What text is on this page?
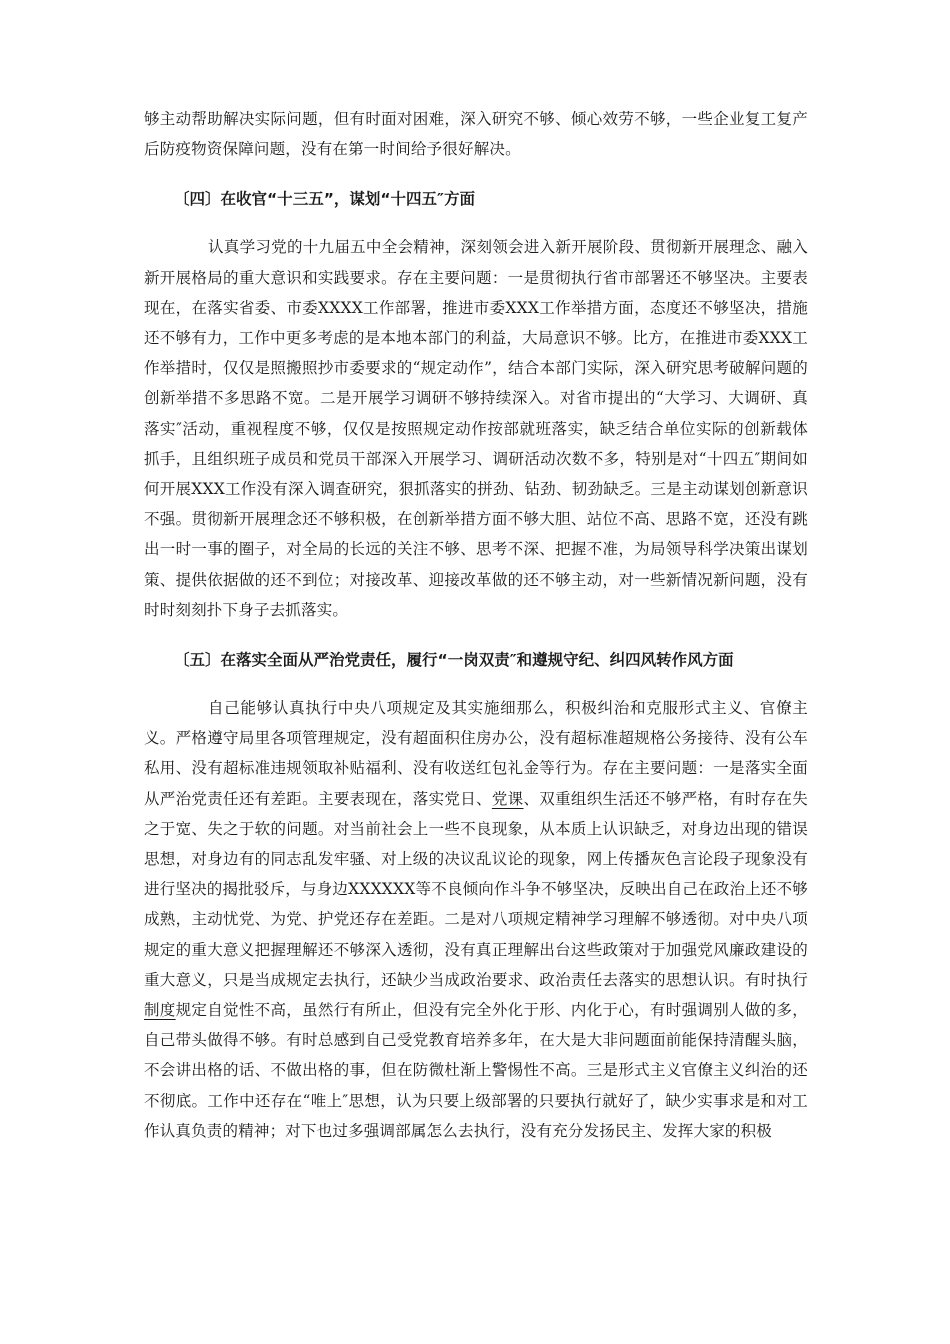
够主动帮助解决实际问题，但有时面对困难，深入研究不够、倾心效劳不够，一些企业复工复产后防疫物资保障问题，没有在第一时间给予很好解决。

〔四〕在收官“十三五”，谋划“十四五″方面

认真学习党的十九届五中全会精神，深刻领会进入新开展阶段、贯彻新开展理念、融入新开展格局的重大意识和实践要求。存在主要问题：一是贯彻执行省市部署还不够坚决。主要表现在，在落实省委、市委XXXX工作部署，推进市委XXX工作举措方面，态度还不够坚决，措施还不够有力，工作中更多考虑的是本地本部门的利益，大局意识不够。比方，在推进市委XXX工作举措时，仅仅是照搬照抄市委要求的“规定动作”，结合本部门实际，深入研究思考破解问题的创新举措不多思路不宽。二是开展学习调研不够持续深入。对省市提出的“大学习、大调研、真落实″活动，重视程度不够，仅仅是按照规定动作按部就班落实，缺乏结合单位实际的创新载体抓手，且组织班子成员和党员干部深入开展学习、调研活动次数不多，特别是对“十四五″期间如何开展XXX工作没有深入调查研究，狠抓落实的拼劲、钻劲、韧劲缺乏。三是主动谋划创新意识不强。贯彻新开展理念还不够积极，在创新举措方面不够大胆、站位不高、思路不宽，还没有跳出一时一事的圈子，对全局的长远的关注不够、思考不深、把握不准，为局领导科学决策出谋划策、提供依据做的还不到位；对接改革、迎接改革做的还不够主动，对一些新情况新问题，没有时时刻刻扑下身子去抓落实。

〔五〕在落实全面从严治党责任，履行“一岗双责″和遵规守纪、纠四风转作风方面

自己能够认真执行中央八项规定及其实施细那么，积极纠治和克服形式主义、官僚主义。严格遵守局里各项管理规定，没有超面积住房办公，没有超标准超规格公务接待、没有公车私用、没有超标准违规领取补贴福利、没有收送红包礼金等行为。存在主要问题：一是落实全面从严治党责任还有差距。主要表现在，落实党日、党课、双重组织生活还不够严格，有时存在失之于宽、失之于软的问题。对当前社会上一些不良现象，从本质上认识缺乏，对身边出现的错误思想，对身边有的同志乱发牢骚、对上级的决议乱议论的现象，网上传播灰色言论段子现象没有进行坚决的揭批驳斥，与身边XXXXXX等不良倾向作斗争不够坚决，反映出自己在政治上还不够成熟，主动忧党、为党、护党还存在差距。二是对八项规定精神学习理解不够透彻。对中央八项规定的重大意义把握理解还不够深入透彻，没有真正理解出台这些政策对于加强党风廉政建设的重大意义，只是当成规定去执行，还缺少当成政治要求、政治责任去落实的思想认识。有时执行制度规定自觉性不高，虽然行有所止，但没有完全外化于形、内化于心，有时强调别人做的多，自己带头做得不够。有时总感到自己受党教育培养多年，在大是大非问题面前能保持清醒头脑，不会讲出格的话、不做出格的事，但在防微杜渐上警惕性不高。三是形式主义官僚主义纠治的还不彻底。工作中还存在“唯上″思想，认为只要上级部署的只要执行就好了，缺少实事求是和对工作认真负责的精神；对下也过多强调部属怎么去执行，没有充分发扬民主、发挥大家的积极
